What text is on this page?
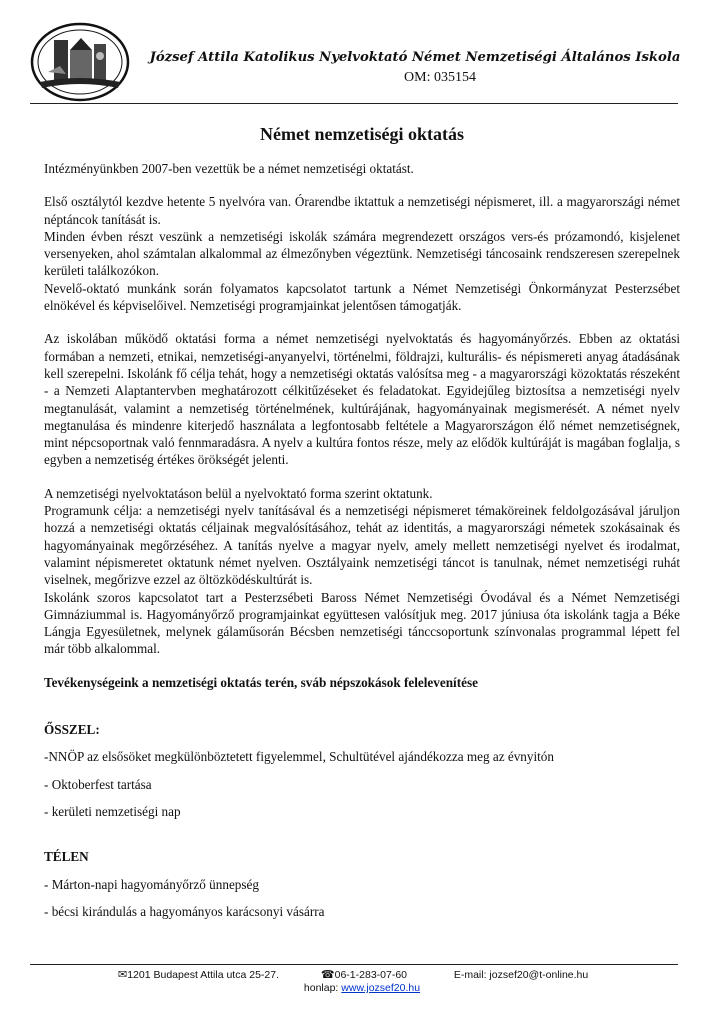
József Attila Katolikus Nyelvoktató Német Nemzetiségi Általános Iskola
OM: 035154
Német nemzetiségi oktatás

Intézményünkben 2007-ben vezettük be a német nemzetiségi oktatást.

Első osztálytól kezdve hetente 5 nyelvóra van. Órarendbe iktattuk a nemzetiségi népismeret, ill. a magyarországi német néptáncok tanítását is.

Minden évben részt veszünk a nemzetiségi iskolák számára megrendezett országos vers-és prózamondó, kisjelenet versenyeken, ahol számtalan alkalommal az élmezőnyben végeztünk. Nemzetiségi táncosaink rendszeresen szerepelnek kerületi találkozókon.

Nevelő-oktató munkánk során folyamatos kapcsolatot tartunk a Német Nemzetiségi Önkormányzat Pesterzsébet elnökével és képviselőivel. Nemzetiségi programjainkat jelentősen támogatják.

Az iskolában működő oktatási forma a német nemzetiségi nyelvoktatás és hagyományőrzés. Ebben az oktatási formában a nemzeti, etnikai, nemzetiségi-anyanyelvi, történelmi, földrajzi, kulturális- és népismereti anyag átadásának kell szerepelni. Iskolánk fő célja tehát, hogy a nemzetiségi oktatás valósítsa meg - a magyarországi közoktatás részeként - a Nemzeti Alaptantervben meghatározott célkitűzéseket és feladatokat. Egyidejűleg biztosítsa a nemzetiségi nyelv megtanulását, valamint a nemzetiség történelmének, kultúrájának, hagyományainak megismerését. A német nyelv megtanulása és mindenre kiterjedő használata a legfontosabb feltétele a Magyarországon élő német nemzetiségnek, mint népcsoportnak való fennmaradásra. A nyelv a kultúra fontos része, mely az elődök kultúráját is magában foglalja, s egyben a nemzetiség értékes örökségét jelenti.

A nemzetiségi nyelvoktatáson belül a nyelvoktató forma szerint oktatunk.

Programunk célja: a nemzetiségi nyelv tanításával és a nemzetiségi népismeret témaköreinek feldolgozásával járuljon hozzá a nemzetiségi oktatás céljainak megvalósításához, tehát az identitás, a magyarországi németek szokásainak és hagyományainak megőrzéséhez. A tanítás nyelve a magyar nyelv, amely mellett nemzetiségi nyelvet és irodalmat, valamint népismeretet oktatunk német nyelven. Osztályaink nemzetiségi táncot is tanulnak, német nemzetiségi ruhát viselnek, megőrizve ezzel az öltözködéskultúrát is.

Iskolánk szoros kapcsolatot tart a Pesterzsébeti Baross Német Nemzetiségi Óvodával és a Német Nemzetiségi Gimnáziummal is. Hagyományőrző programjainkat együttesen valósítjuk meg. 2017 júniusa óta iskolánk tagja a Béke Lángja Egyesületnek, melynek gálaműsorán Bécsben nemzetiségi tánccsoportunk színvonalas programmal lépett fel már több alkalommal.

Tevékenységeink a nemzetiségi oktatás terén, sváb népszokások felelevenítése

ŐSSZEL:

-NNÖP az elsősöket megkülönböztetett figyelemmel, Schultütével ajándékozza meg az évnyitón

- Oktoberfest tartása

- kerületi nemzetiségi nap

TÉLEN

- Márton-napi hagyományőrző ünnepség

- bécsi kirándulás a hagyományos karácsonyi vásárra

✉1201 Budapest Attila utca 25-27.	☎06-1-283-07-60	E-mail: jozsef20@t-online.hu
honlap: www.jozsef20.hu
